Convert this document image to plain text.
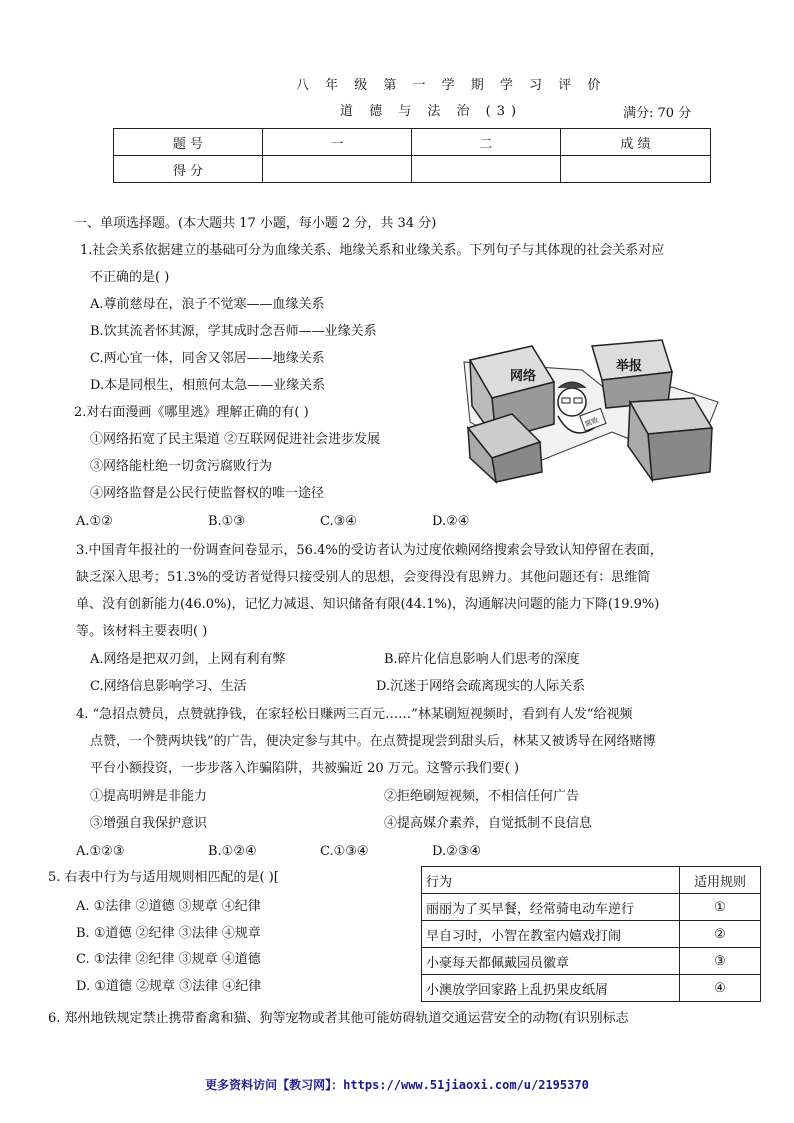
八 年 级 第 一 学 期 学 习 评 价
道 德 与 法 治 (3)	满分: 70 分
题 号	一	二	成 绩
得 分			
一、单项选择题。(本大题共 17 小题，每小题 2 分，共 34 分)
1.社会关系依据建立的基础可分为血缘关系、地缘关系和业缘关系。下列句子与其体现的社会关系对应
不正确的是( )
A.尊前慈母在，浪子不觉寒——血缘关系
B.饮其流者怀其源，学其成时念吾师——业缘关系
C.两心宜一体，同舍又邻居——地缘关系
D.本是同根生，相煎何太急——业缘关系
网络
举报
腐败
2.对右面漫画《哪里逃》理解正确的有( )
①网络拓宽了民主渠道 ②互联网促进社会进步发展
③网络能杜绝一切贪污腐败行为
④网络监督是公民行使监督权的唯一途径
A.①②	B.①③	C.③④	D.②④
3.中国青年报社的一份调查问卷显示，56.4%的受访者认为过度依赖网络搜索会导致认知停留在表面，
缺乏深入思考；51.3%的受访者觉得只接受别人的思想，会变得没有思辨力。其他问题还有：思维简
单、没有创新能力(46.0%)，记忆力减退、知识储备有限(44.1%)，沟通解决问题的能力下降(19.9%)
等。该材料主要表明( )
A.网络是把双刃剑，上网有利有弊	B.碎片化信息影响人们思考的深度
C.网络信息影响学习、生活	D.沉迷于网络会疏离现实的人际关系
4. “急招点赞员，点赞就挣钱，在家轻松日赚两三百元……”林某刷短视频时，看到有人发“给视频
点赞，一个赞两块钱”的广告，便决定参与其中。在点赞提现尝到甜头后，林某又被诱导在网络赌博
平台小额投资，一步步落入诈骗陷阱，共被骗近 20 万元。这警示我们要( )
①提高明辨是非能力	②拒绝刷短视频，不相信任何广告
③增强自我保护意识	④提高媒介素养，自觉抵制不良信息
A.①②③	B.①②④	C.①③④	D.②③④
5. 右表中行为与适用规则相匹配的是( )[
A. ①法律 ②道德 ③规章 ④纪律
B. ①道德 ②纪律 ③法律 ④规章
C. ①法律 ②纪律 ③规章 ④道德
D. ①道德 ②规章 ③法律 ④纪律
行为	适用规则
丽丽为了买早餐，经常骑电动车逆行	①
早自习时，小智在教室内嬉戏打闹	②
小豪每天都佩戴园员徽章	③
小澳放学回家路上乱扔果皮纸屑	④
6. 郑州地铁规定禁止携带畜禽和猫、狗等宠物或者其他可能妨碍轨道交通运营安全的动物(有识别标志
更多资料访问【教习网】：https://www.51jiaoxi.com/u/2195370
